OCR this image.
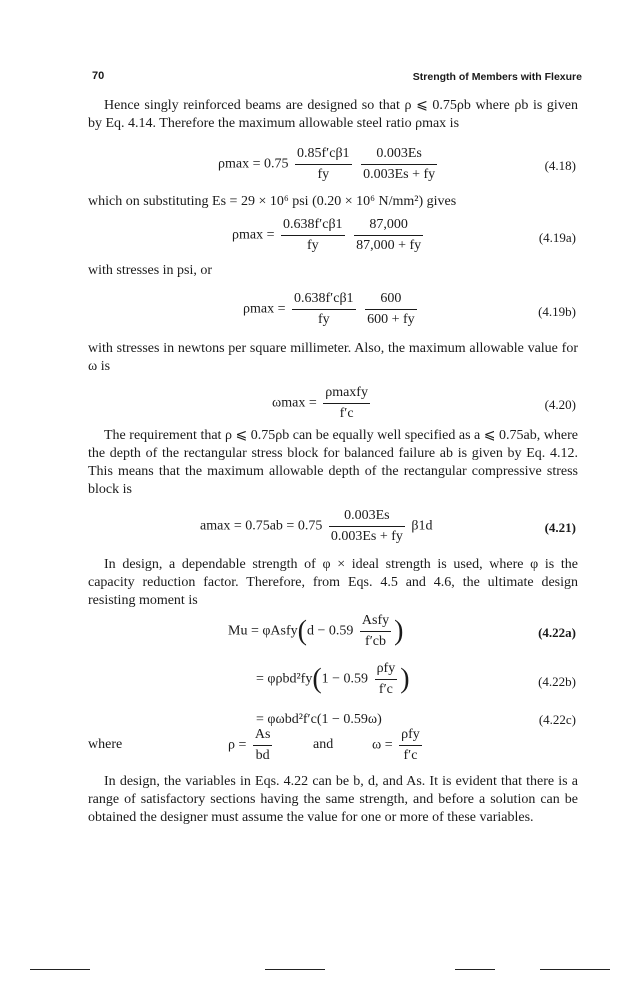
70	Strength of Members with Flexure

Hence singly reinforced beams are designed so that ρ ⩽ 0.75ρb where ρb is given by Eq. 4.14. Therefore the maximum allowable steel ratio ρmax is

$\rho\max = 0.75 \frac{0.85f'c\beta 1}{fy}$
$\frac{0.003Es}{0.003Es + fy}$	(4.18)

which on substituting Es = 29 × 10⁶ psi (0.20 × 10⁶ N/mm²) gives

$\rho\max = \frac{0.638f'c\beta 1}{fy}$
$\frac{87,000}{87,000 + fy}$	(4.19a)

with stresses in psi, or

$\rho\max = \frac{0.638f'c\beta 1}{fy}$
$\frac{600}{600 + fy}$	(4.19b)

with stresses in newtons per square millimeter. Also, the maximum allowable value for ω is

$\omega\max = \frac{\text{ρmaxfy}}{f'c}$	(4.20)

The requirement that ρ ⩽ 0.75ρb can be equally well specified as a ⩽ 0.75ab, where the depth of the rectangular stress block for balanced failure ab is given by Eq. 4.12. This means that the maximum allowable depth of the rectangular compressive stress block is

$amax = 0.75ab = 0.75 \frac{0.003Es}{0.003Es + fy} \beta 1d$	(4.21)

In design, a dependable strength of φ × ideal strength is used, where φ is the capacity reduction factor. Therefore, from Eqs. 4.5 and 4.6, the ultimate design resisting moment is

Mu = φAsfy(d − $0.59 \frac{\text{Asfy}}{f'cb}$ )	(4.22a)
= $\varphi\rho bd^2fy(1 - 0.59 \frac{\text{ρfy}}{f'c}$ )	(4.22b)
= φωbd²f′c(1 − 0.59ω)	(4.22c)
where	$\rho = \frac{As}{bd}$	and	$\omega = \frac{\text{ρfy}}{f'c}$

In design, the variables in Eqs. 4.22 can be b, d, and As. It is evident that there is a range of satisfactory sections having the same strength, and before a solution can be obtained the designer must assume the value for one or more of these variables.
